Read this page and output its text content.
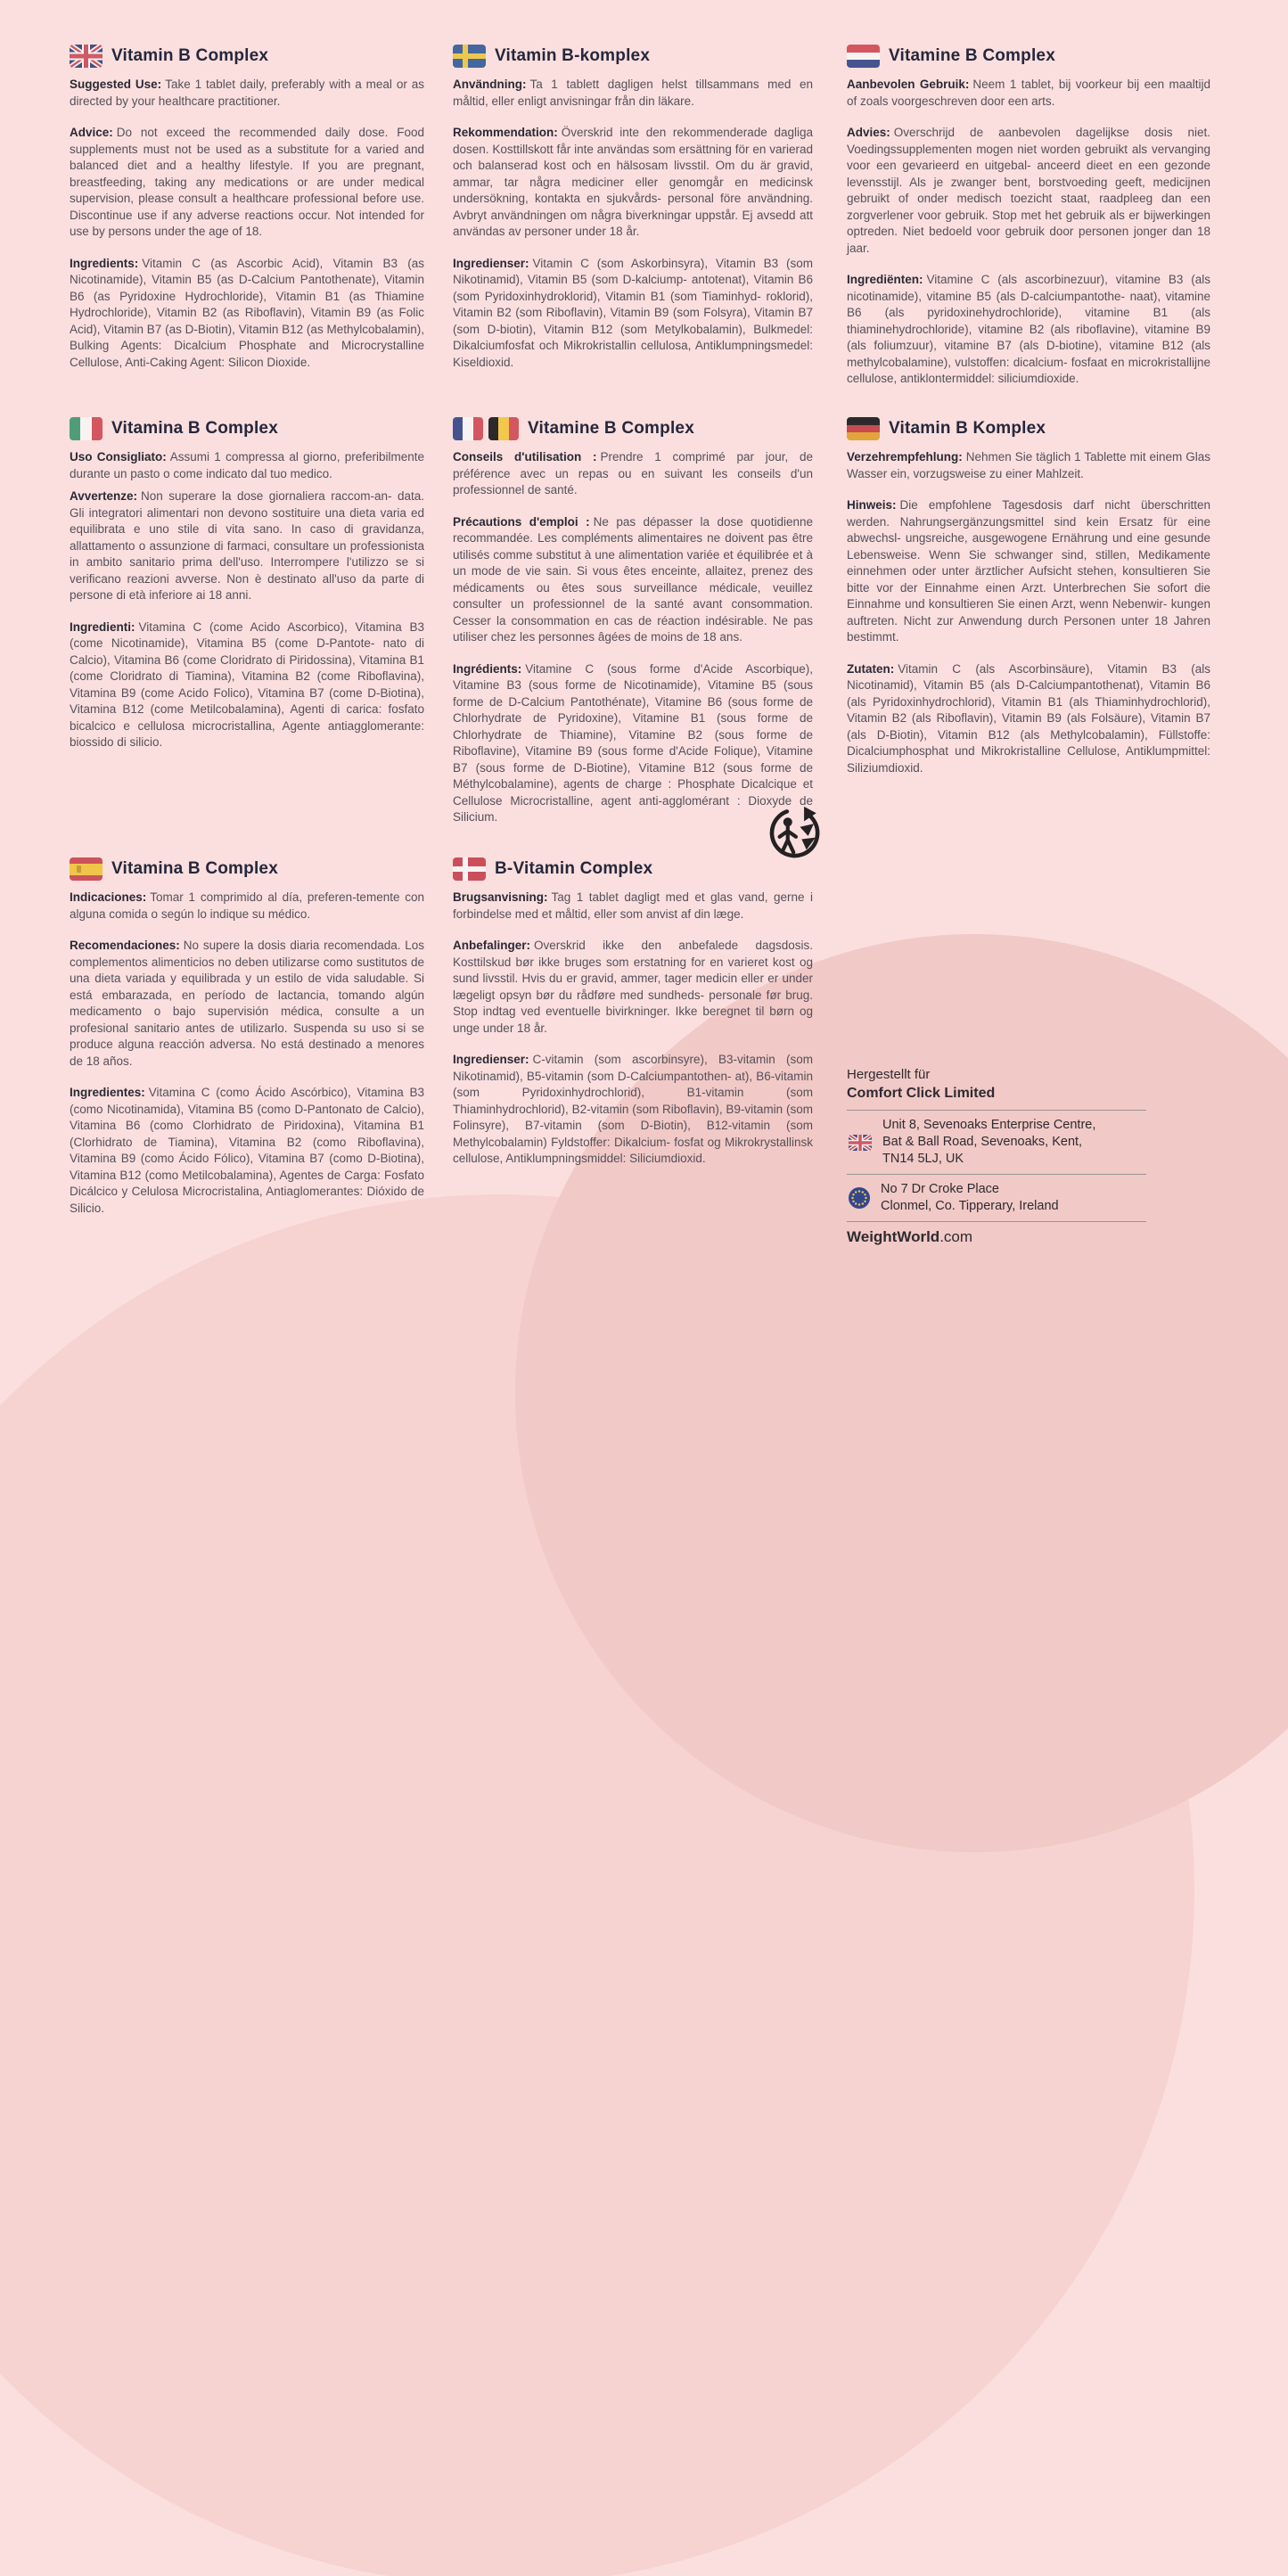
Vitamin B Complex

Suggested Use: Take 1 tablet daily, preferably with a meal or as directed by your healthcare practitioner.

Advice: Do not exceed the recommended daily dose. Food supplements must not be used as a substitute for a varied and balanced diet and a healthy lifestyle. If you are pregnant, breastfeeding, taking any medications or are under medical supervision, please consult a healthcare professional before use. Discontinue use if any adverse reactions occur. Not intended for use by persons under the age of 18.

Ingredients: Vitamin C (as Ascorbic Acid), Vitamin B3 (as Nicotinamide), Vitamin B5 (as D-Calcium Pantothenate), Vitamin B6 (as Pyridoxine Hydrochloride), Vitamin B1 (as Thiamine Hydrochloride), Vitamin B2 (as Riboflavin), Vitamin B9 (as Folic Acid), Vitamin B7 (as D-Biotin), Vitamin B12 (as Methylcobalamin), Bulking Agents: Dicalcium Phosphate and Microcrystalline Cellulose, Anti-Caking Agent: Silicon Dioxide.

Vitamina B Complex

Uso Consigliato: Assumi 1 compressa al giorno, preferibilmente durante un pasto o come indicato dal tuo medico.

Avvertenze: Non superare la dose giornaliera raccom-an- data. Gli integratori alimentari non devono sostituire una dieta varia ed equilibrata e uno stile di vita sano. In caso di gravidanza, allattamento o assunzione di farmaci, consultare un professionista in ambito sanitario prima dell'uso. Interrompere l'utilizzo se si verificano reazioni avverse. Non è destinato all'uso da parte di persone di età inferiore ai 18 anni.

Ingredienti: Vitamina C (come Acido Ascorbico), Vitamina B3 (come Nicotinamide), Vitamina B5 (come D-Pantote- nato di Calcio), Vitamina B6 (come Cloridrato di Piridossina), Vitamina B1 (come Cloridrato di Tiamina), Vitamina B2 (come Riboflavina), Vitamina B9 (come Acido Folico), Vitamina B7 (come D-Biotina), Vitamina B12 (come Metilcobalamina), Agenti di carica: fosfato bicalcico e cellulosa microcristallina, Agente antiagglomerante: biossido di silicio.

Vitamina B Complex

Indicaciones: Tomar 1 comprimido al día, preferen-temente con alguna comida o según lo indique su médico.

Recomendaciones: No supere la dosis diaria recomendada. Los complementos alimenticios no deben utilizarse como sustitutos de una dieta variada y equilibrada y un estilo de vida saludable. Si está embarazada, en período de lactancia, tomando algún medicamento o bajo supervisión médica, consulte a un profesional sanitario antes de utilizarlo. Suspenda su uso si se produce alguna reacción adversa. No está destinado a menores de 18 años.

Ingredientes: Vitamina C (como Ácido Ascórbico), Vitamina B3 (como Nicotinamida), Vitamina B5 (como D-Pantonato de Calcio), Vitamina B6 (como Clorhidrato de Piridoxina), Vitamina B1 (Clorhidrato de Tiamina), Vitamina B2 (como Riboflavina), Vitamina B9 (como Ácido Fólico), Vitamina B7 (como D-Biotina), Vitamina B12 (como Metilcobalamina), Agentes de Carga: Fosfato Dicálcico y Celulosa Microcristalina, Antiaglomerantes: Dióxido de Silicio.

Vitamin B-komplex

Användning: Ta 1 tablett dagligen helst tillsammans med en måltid, eller enligt anvisningar från din läkare.

Rekommendation: Överskrid inte den rekommenderade dagliga dosen. Kosttillskott får inte användas som ersättning för en varierad och balanserad kost och en hälsosam livsstil. Om du är gravid, ammar, tar några mediciner eller genomgår en medicinsk undersökning, kontakta en sjukvårds- personal före användning. Avbryt användningen om några biverkningar uppstår. Ej avsedd att användas av personer under 18 år.

Ingredienser: Vitamin C (som Askorbinsyra), Vitamin B3 (som Nikotinamid), Vitamin B5 (som D-kalciump- antotenat), Vitamin B6 (som Pyridoxinhydroklorid), Vitamin B1 (som Tiaminhyd- roklorid), Vitamin B2 (som Riboflavin), Vitamin B9 (som Folsyra), Vitamin B7 (som D-biotin), Vitamin B12 (som Metylkobalamin), Bulkmedel: Dikalciumfosfat och Mikrokristallin cellulosa, Antiklumpningsmedel: Kiseldioxid.

Vitamine B Complex

Conseils d'utilisation : Prendre 1 comprimé par jour, de préférence avec un repas ou en suivant les conseils d'un professionnel de santé.

Précautions d'emploi : Ne pas dépasser la dose quotidienne recommandée. Les compléments alimentaires ne doivent pas être utilisés comme substitut à une alimentation variée et équilibrée et à un mode de vie sain. Si vous êtes enceinte, allaitez, prenez des médicaments ou êtes sous surveillance médicale, veuillez consulter un professionnel de la santé avant consommation. Cesser la consommation en cas de réaction indésirable. Ne pas utiliser chez les personnes âgées de moins de 18 ans.

Ingrédients: Vitamine C (sous forme d'Acide Ascorbique), Vitamine B3 (sous forme de Nicotinamide), Vitamine B5 (sous forme de D-Calcium Pantothénate), Vitamine B6 (sous forme de Chlorhydrate de Pyridoxine), Vitamine B1 (sous forme de Chlorhydrate de Thiamine), Vitamine B2 (sous forme de Riboflavine), Vitamine B9 (sous forme d'Acide Folique), Vitamine B7 (sous forme de D-Biotine), Vitamine B12 (sous forme de Méthylcobalamine), agents de charge : Phosphate Dicalcique et Cellulose Microcristalline, agent anti-agglomérant : Dioxyde de Silicium.

B-Vitamin Complex

Brugsanvisning: Tag 1 tablet dagligt med et glas vand, gerne i forbindelse med et måltid, eller som anvist af din læge.

Anbefalinger: Overskrid ikke den anbefalede dagsdosis. Kosttilskud bør ikke bruges som erstatning for en varieret kost og sund livsstil. Hvis du er gravid, ammer, tager medicin eller er under lægeligt opsyn bør du rådføre med sundheds- personale før brug. Stop indtag ved eventuelle bivirkninger. Ikke beregnet til børn og unge under 18 år.

Ingredienser: C-vitamin (som ascorbinsyre), B3-vitamin (som Nikotinamid), B5-vitamin (som D-Calciumpantothen- at), B6-vitamin (som Pyridoxinhydrochlorid), B1-vitamin (som Thiaminhydrochlorid), B2-vitamin (som Riboflavin), B9-vitamin (som Folinsyre), B7-vitamin (som D-Biotin), B12-vitamin (som Methylcobalamin) Fyldstoffer: Dikalcium- fosfat og Mikrokrystallinsk cellulose, Antiklumpningsmiddel: Siliciumdioxid.

Vitamine B Complex

Aanbevolen Gebruik: Neem 1 tablet, bij voorkeur bij een maaltijd of zoals voorgeschreven door een arts.

Advies: Overschrijd de aanbevolen dagelijkse dosis niet. Voedingssupplementen mogen niet worden gebruikt als vervanging voor een gevarieerd en uitgebal- anceerd dieet en een gezonde levensstijl. Als je zwanger bent, borstvoeding geeft, medicijnen gebruikt of onder medisch toezicht staat, raadpleeg dan een zorgverlener voor gebruik. Stop met het gebruik als er bijwerkingen optreden. Niet bedoeld voor gebruik door personen jonger dan 18 jaar.

Ingrediënten: Vitamine C (als ascorbinezuur), vitamine B3 (als nicotinamide), vitamine B5 (als D-calciumpantothe- naat), vitamine B6 (als pyridoxinehydrochloride), vitamine B1 (als thiaminehydrochloride), vitamine B2 (als riboflavine), vitamine B9 (als foliumzuur), vitamine B7 (als D-biotine), vitamine B12 (als methylcobalamine), vulstoffen: dicalcium- fosfaat en microkristallijne cellulose, antiklontermiddel: siliciumdioxide.

Vitamin B Komplex

Verzehrempfehlung: Nehmen Sie täglich 1 Tablette mit einem Glas Wasser ein, vorzugsweise zu einer Mahlzeit.

Hinweis: Die empfohlene Tagesdosis darf nicht überschritten werden. Nahrungsergänzungsmittel sind kein Ersatz für eine abwechsl- ungsreiche, ausgewogene Ernährung und eine gesunde Lebensweise. Wenn Sie schwanger sind, stillen, Medikamente einnehmen oder unter ärztlicher Aufsicht stehen, konsultieren Sie bitte vor der Einnahme einen Arzt. Unterbrechen Sie sofort die Einnahme und konsultieren Sie einen Arzt, wenn Nebenwir- kungen auftreten. Nicht zur Anwendung durch Personen unter 18 Jahren bestimmt.

Zutaten: Vitamin C (als Ascorbinsäure), Vitamin B3 (als Nicotinamid), Vitamin B5 (als D-Calciumpantothenat), Vitamin B6 (als Pyridoxinhydrochlorid), Vitamin B1 (als Thiaminhydrochlorid), Vitamin B2 (als Riboflavin), Vitamin B9 (als Folsäure), Vitamin B7 (als D-Biotin), Vitamin B12 (als Methylcobalamin), Füllstoffe: Dicalciumphosphat und Mikrokristalline Cellulose, Antiklumpmittel: Siliziumdioxid.

Hergestellt für
Comfort Click Limited
Unit 8, Sevenoaks Enterprise Centre,
Bat & Ball Road, Sevenoaks, Kent,
TN14 5LJ, UK
No 7 Dr Croke Place
Clonmel, Co. Tipperary, Ireland
WeightWorld.com
